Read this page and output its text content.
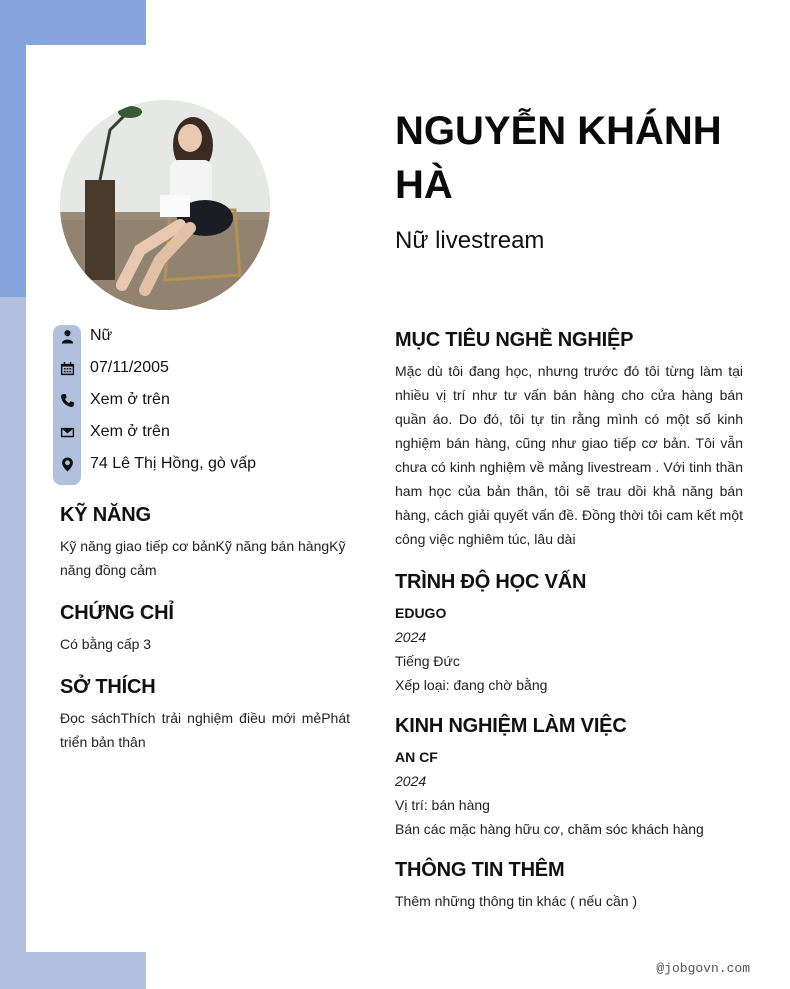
Nữ
07/11/2005
Xem ở trên
Xem ở trên
74 Lê Thị Hồng, gò vấp
KỸ NĂNG
Kỹ năng giao tiếp cơ bảnKỹ năng bán hàngKỹ năng đồng cảm
CHỨNG CHỈ
Có bằng cấp 3
SỞ THÍCH
Đọc sáchThích trải nghiệm điều mới mẻPhát triển bản thân
NGUYỄN KHÁNH HÀ
Nữ livestream
MỤC TIÊU NGHỀ NGHIỆP
Mặc dù tôi đang học, nhưng trước đó tôi từng làm tại nhiều vị trí như tư vấn bán hàng cho cửa hàng bán quần áo. Do đó, tôi tự tin rằng mình có một số kinh nghiệm bán hàng, cũng như giao tiếp cơ bản. Tôi vẫn chưa có kinh nghiệm về mảng livestream . Với tinh thần ham học của bản thân, tôi sẽ trau dồi khả năng bán hàng, cách giải quyết vấn đề. Đồng thời tôi cam kết một công việc nghiêm túc, lâu dài
TRÌNH ĐỘ HỌC VẤN
EDUGO
2024
Tiếng Đức
Xếp loại: đang chờ bằng
KINH NGHIỆM LÀM VIỆC
AN CF
2024
Vị trí: bán hàng
Bán các mặc hàng hữu cơ, chăm sóc khách hàng
THÔNG TIN THÊM
Thêm những thông tin khác ( nếu cần )
@jobgovn.com
